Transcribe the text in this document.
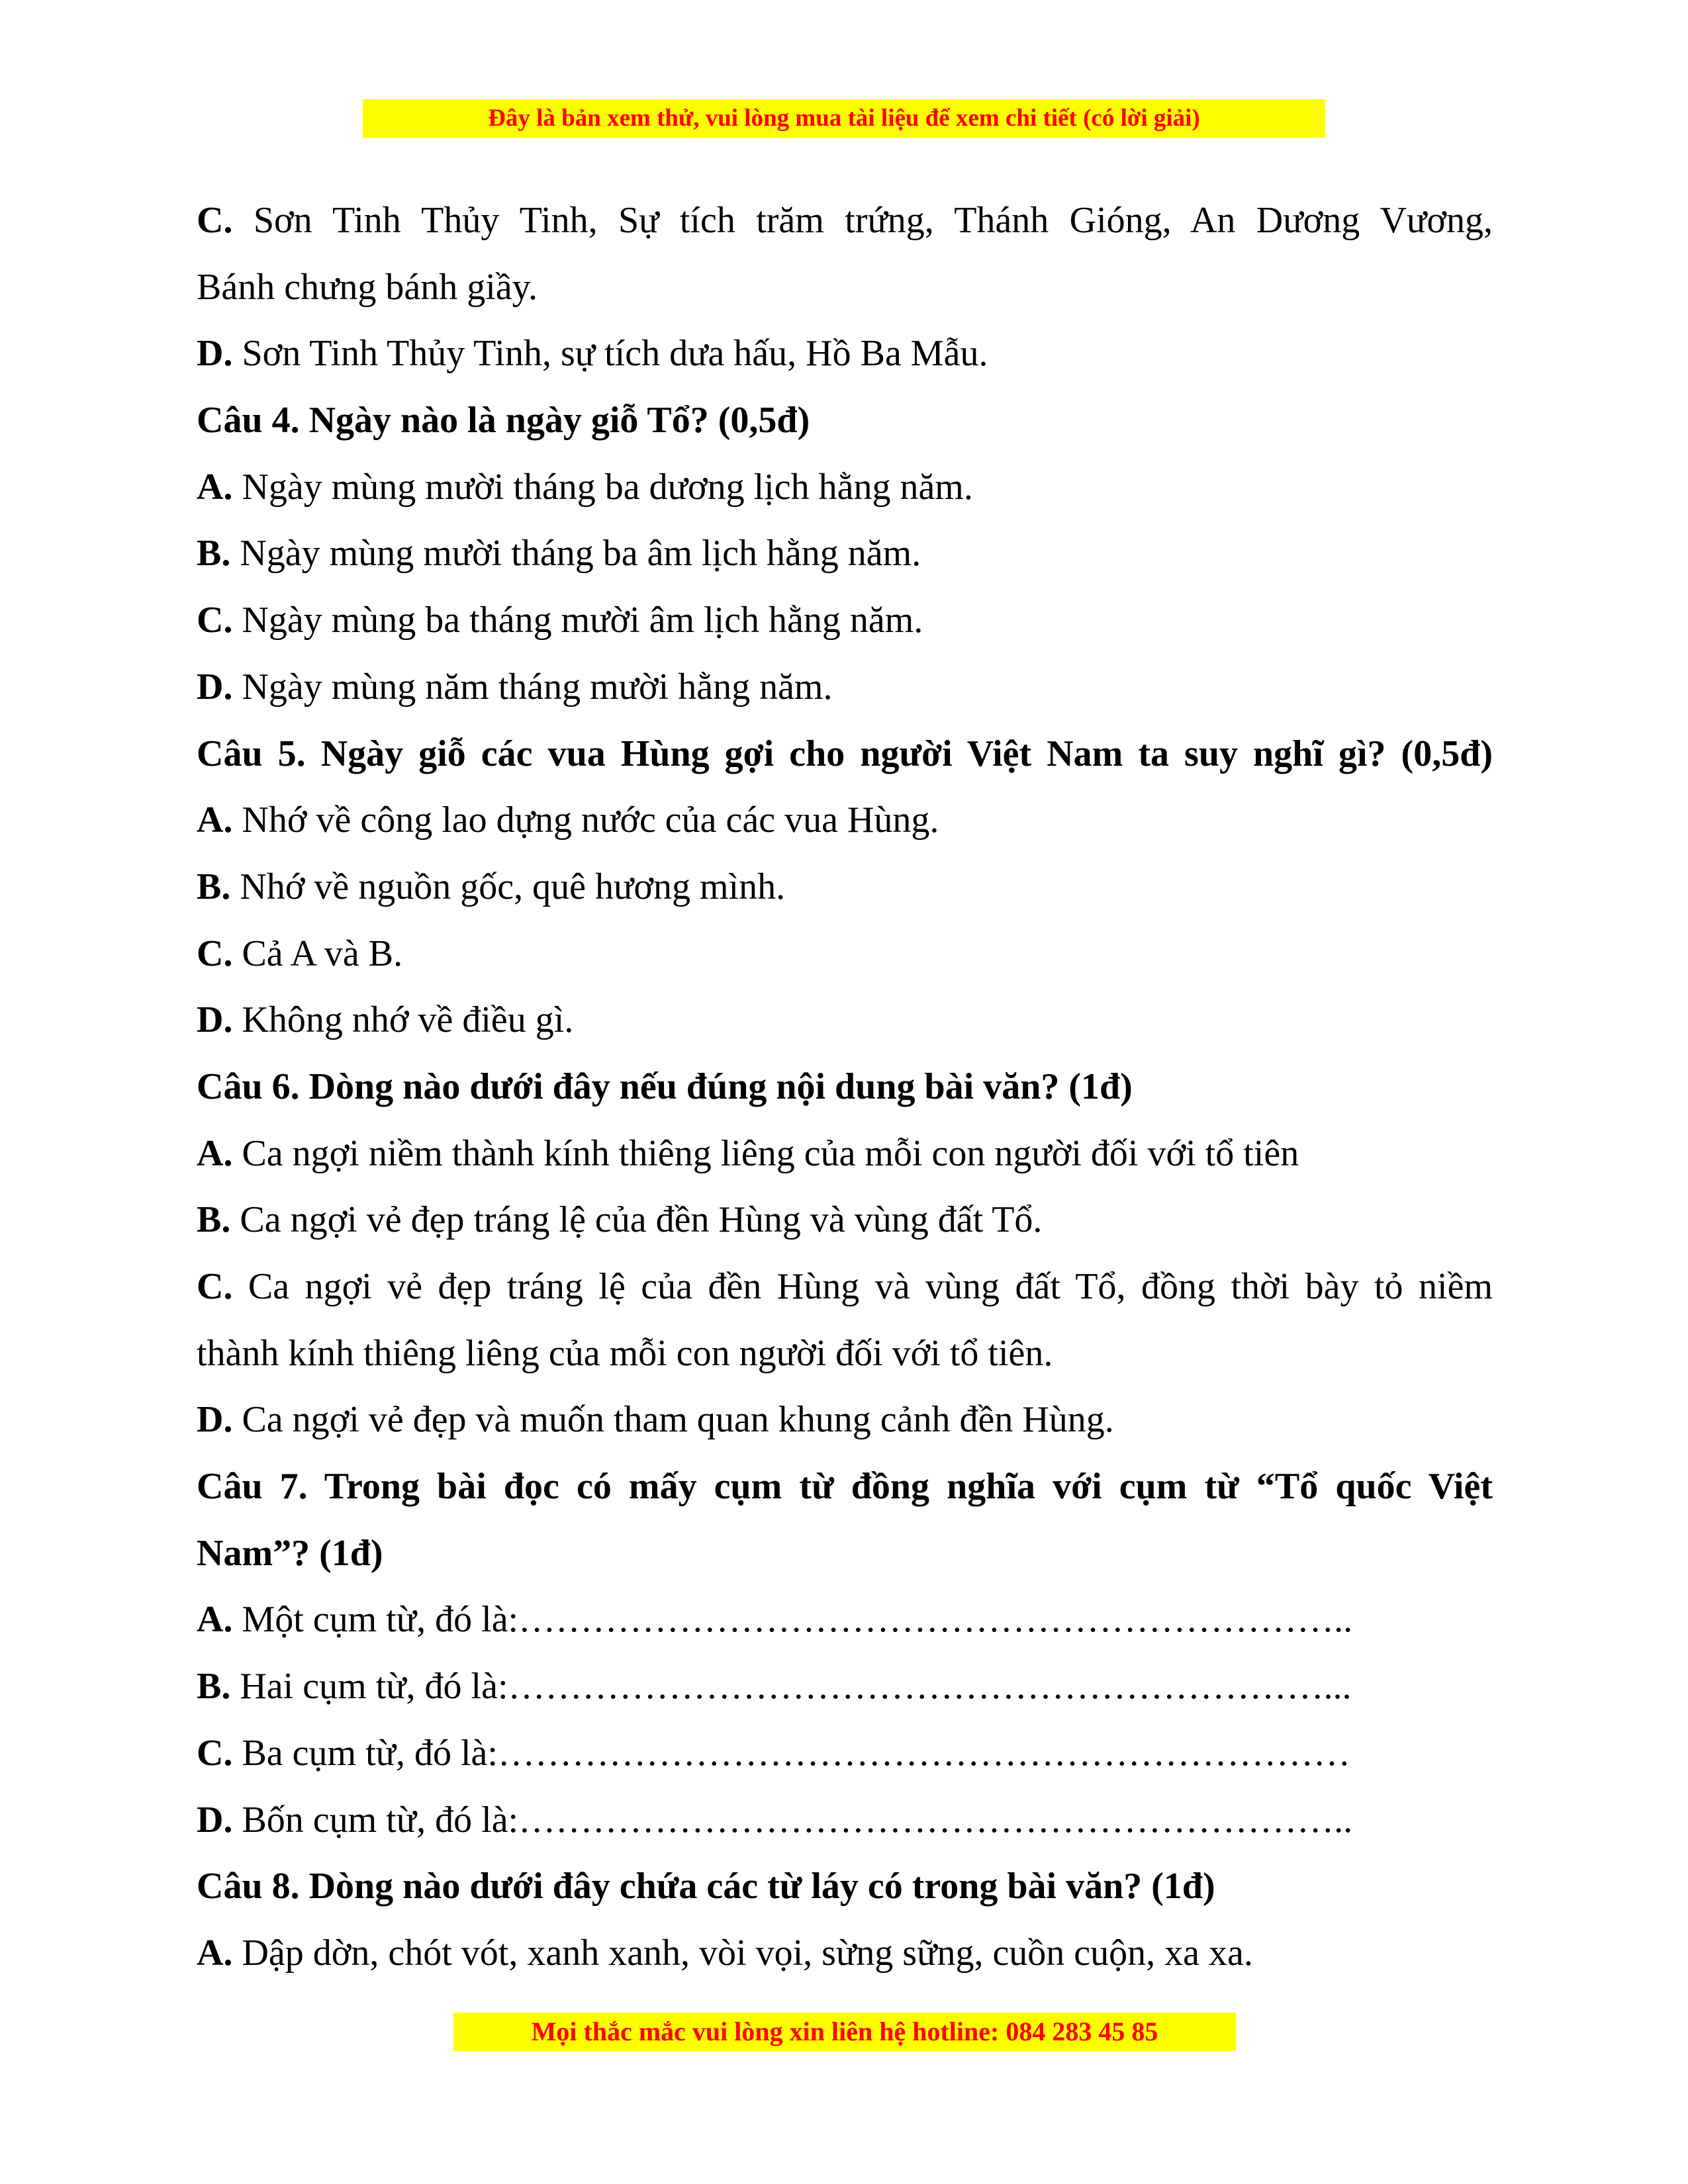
Đây là bản xem thử, vui lòng mua tài liệu để xem chi tiết (có lời giải)
C. Sơn Tinh Thủy Tinh, Sự tích trăm trứng, Thánh Gióng, An Dương Vương,
Bánh chưng bánh giầy.
D. Sơn Tinh Thủy Tinh, sự tích dưa hấu, Hồ Ba Mẫu.
Câu 4. Ngày nào là ngày giỗ Tổ? (0,5đ)
A. Ngày mùng mười tháng ba dương lịch hằng năm.
B. Ngày mùng mười tháng ba âm lịch hằng năm.
C. Ngày mùng ba tháng mười âm lịch hằng năm.
D. Ngày mùng năm tháng mười hằng năm.
Câu 5. Ngày giỗ các vua Hùng gợi cho người Việt Nam ta suy nghĩ gì? (0,5đ)
A. Nhớ về công lao dựng nước của các vua Hùng.
B. Nhớ về nguồn gốc, quê hương mình.
C. Cả A và B.
D. Không nhớ về điều gì.
Câu 6. Dòng nào dưới đây nếu đúng nội dung bài văn? (1đ)
A. Ca ngợi niềm thành kính thiêng liêng của mỗi con người đối với tổ tiên
B. Ca ngợi vẻ đẹp tráng lệ của đền Hùng và vùng đất Tổ.
C. Ca ngợi vẻ đẹp tráng lệ của đền Hùng và vùng đất Tổ, đồng thời bày tỏ niềm
thành kính thiêng liêng của mỗi con người đối với tổ tiên.
D. Ca ngợi vẻ đẹp và muốn tham quan khung cảnh đền Hùng.
Câu 7. Trong bài đọc có mấy cụm từ đồng nghĩa với cụm từ “Tổ quốc Việt
Nam”? (1đ)
A. Một cụm từ, đó là:…………………………………………………………..
B. Hai cụm từ, đó là:…………………………………………………………...
C. Ba cụm từ, đó là:……………………………………………………………
D. Bốn cụm từ, đó là:…………………………………………………………..
Câu 8. Dòng nào dưới đây chứa các từ láy có trong bài văn? (1đ)
A. Dập dờn, chót vót, xanh xanh, vòi vọi, sừng sững, cuồn cuộn, xa xa.
Mọi thắc mắc vui lòng xin liên hệ hotline: 084 283 45 85
